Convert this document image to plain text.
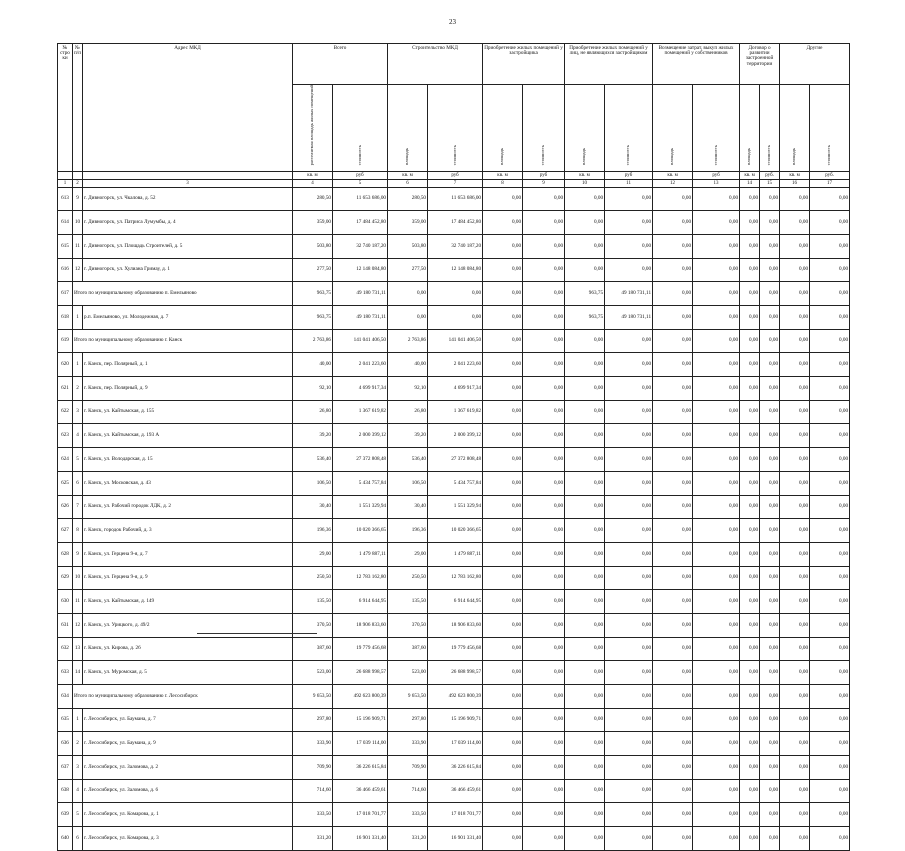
23
№ стро ки	№ п/п	Адрес МКД	Всего		Строительство МКД		Приобретение жилых помещений у застройщика		Приобретение жилых помещений у лиц, не являющихся застройщиком		Возмещение затрат, выкуп жилых помещений у собственников		Договор о развитии застроенной территории		Другие	
			расселяемая площадь жилых помещений	стоимость	площадь	стоимость	площадь	стоимость	площадь	стоимость	площадь	стоимость	площадь	стоимость	площадь	стоимость
			кв. м	руб	кв. м	руб	кв. м	руб	кв. м	руб	кв. м	руб	кв. м	руб.	кв. м	руб.
1	2	3	4	5	6	7	8	9	10	11	12	13	14	15	16	17
613	9	г. Дивногорск, ул. Чкалова, д. 52	280,50	11 653 686,00	280,50	11 653 686,00	0,00	0,00	0,00	0,00	0,00	0,00	0,00	0,00	0,00	0,00
614	10	г. Дивногорск, ул. Патриса Лумумбы, д. 4	359,00	17 484 452,80	359,00	17 484 452,80	0,00	0,00	0,00	0,00	0,00	0,00	0,00	0,00	0,00	0,00
615	11	г. Дивногорск, ул. Площадь Строителей, д. 5	503,80	32 740 187,20	503,80	32 740 187,20	0,00	0,00	0,00	0,00	0,00	0,00	0,00	0,00	0,00	0,00
616	12	г. Дивногорск, ул. Хулиана Гримау, д. 1	277,50	12 148 084,80	277,50	12 148 084,80	0,00	0,00	0,00	0,00	0,00	0,00	0,00	0,00	0,00	0,00
617	Итого по муниципальному образованию п. Емельяново		963,75	49 180 731,11	0,00	0,00	0,00	0,00	963,75	49 180 731,11	0,00	0,00	0,00	0,00	0,00	0,00
618	1	р.п. Емельяново, ул. Молодежная, д. 7	963,75	49 180 731,11	0,00	0,00	0,00	0,00	963,75	49 180 731,11	0,00	0,00	0,00	0,00	0,00	0,00
619	Итого по муниципальному образованию г. Канск		2 763,86	141 041 406,50	2 763,86	141 041 406,50	0,00	0,00	0,00	0,00	0,00	0,00	0,00	0,00	0,00	0,00
620	1	г. Канск, пер. Полярный, д. 1	40,00	2 041 223,60	40,00	2 041 223,60	0,00	0,00	0,00	0,00	0,00	0,00	0,00	0,00	0,00	0,00
621	2	г. Канск, пер. Полярный, д. 9	92,10	4 699 917,34	92,10	4 699 917,34	0,00	0,00	0,00	0,00	0,00	0,00	0,00	0,00	0,00	0,00
622	3	г. Канск, ул. Кайтымская, д. 155	26,80	1 367 619,82	26,80	1 367 619,82	0,00	0,00	0,00	0,00	0,00	0,00	0,00	0,00	0,00	0,00
623	4	г. Канск, ул. Кайтымская, д. 193 А	39,20	2 000 399,12	39,20	2 000 399,12	0,00	0,00	0,00	0,00	0,00	0,00	0,00	0,00	0,00	0,00
624	5	г. Канск, ул. Володарская, д. 15	536,40	27 372 808,48	536,40	27 372 808,48	0,00	0,00	0,00	0,00	0,00	0,00	0,00	0,00	0,00	0,00
625	6	г. Канск, ул. Московская, д. 43	106,50	5 434 757,84	106,50	5 434 757,84	0,00	0,00	0,00	0,00	0,00	0,00	0,00	0,00	0,00	0,00
626	7	г. Канск, ул. Рабочий городок ЛДК, д. 2	30,40	1 551 329,94	30,40	1 551 329,94	0,00	0,00	0,00	0,00	0,00	0,00	0,00	0,00	0,00	0,00
627	8	г. Канск, городок Рабочий, д. 3	196,36	10 020 366,65	196,36	10 020 366,65	0,00	0,00	0,00	0,00	0,00	0,00	0,00	0,00	0,00	0,00
628	9	г. Канск, ул. Герцена 9-я, д. 7	29,00	1 479 887,11	29,00	1 479 887,11	0,00	0,00	0,00	0,00	0,00	0,00	0,00	0,00	0,00	0,00
629	10	г. Канск, ул. Герцена 9-я, д. 9	250,50	12 783 162,80	250,50	12 783 162,80	0,00	0,00	0,00	0,00	0,00	0,00	0,00	0,00	0,00	0,00
630	11	г. Канск, ул. Кайтымская, д. 149	135,50	6 914 644,95	135,50	6 914 644,95	0,00	0,00	0,00	0,00	0,00	0,00	0,00	0,00	0,00	0,00
631	12	г. Канск, ул. Урицкого, д. 49/2	370,50	18 906 833,60	370,50	18 906 833,60	0,00	0,00	0,00	0,00	0,00	0,00	0,00	0,00	0,00	0,00
632	13	г. Канск, ул. Кирова, д. 26	387,60	19 779 456,68	387,60	19 779 456,68	0,00	0,00	0,00	0,00	0,00	0,00	0,00	0,00	0,00	0,00
633	14	г. Канск, ул. Муромская, д. 5	523,00	26 688 998,57	523,00	26 688 998,57	0,00	0,00	0,00	0,00	0,00	0,00	0,00	0,00	0,00	0,00
634	Итого по муниципальному образованию г. Лесосибирск		9 653,50	492 623 800,39	9 653,50	492 623 800,39	0,00	0,00	0,00	0,00	0,00	0,00	0,00	0,00	0,00	0,00
635	1	г. Лесосибирск, ул. Баумана, д. 7	297,80	15 196 909,71	297,80	15 196 909,71	0,00	0,00	0,00	0,00	0,00	0,00	0,00	0,00	0,00	0,00
636	2	г. Лесосибирск, ул. Баумана, д. 9	333,90	17 039 114,00	333,90	17 039 114,00	0,00	0,00	0,00	0,00	0,00	0,00	0,00	0,00	0,00	0,00
637	3	г. Лесосибирск, ул. Заломова, д. 2	709,90	36 226 615,84	709,90	36 226 615,84	0,00	0,00	0,00	0,00	0,00	0,00	0,00	0,00	0,00	0,00
638	4	г. Лесосибирск, ул. Заломова, д. 6	714,60	36 466 459,61	714,60	36 466 459,61	0,00	0,00	0,00	0,00	0,00	0,00	0,00	0,00	0,00	0,00
639	5	г. Лесосибирск, ул. Комарова, д. 1	333,50	17 018 701,77	333,50	17 018 701,77	0,00	0,00	0,00	0,00	0,00	0,00	0,00	0,00	0,00	0,00
640	6	г. Лесосибирск, ул. Комарова, д. 3	331,20	16 901 331,40	331,20	16 901 331,40	0,00	0,00	0,00	0,00	0,00	0,00	0,00	0,00	0,00	0,00
